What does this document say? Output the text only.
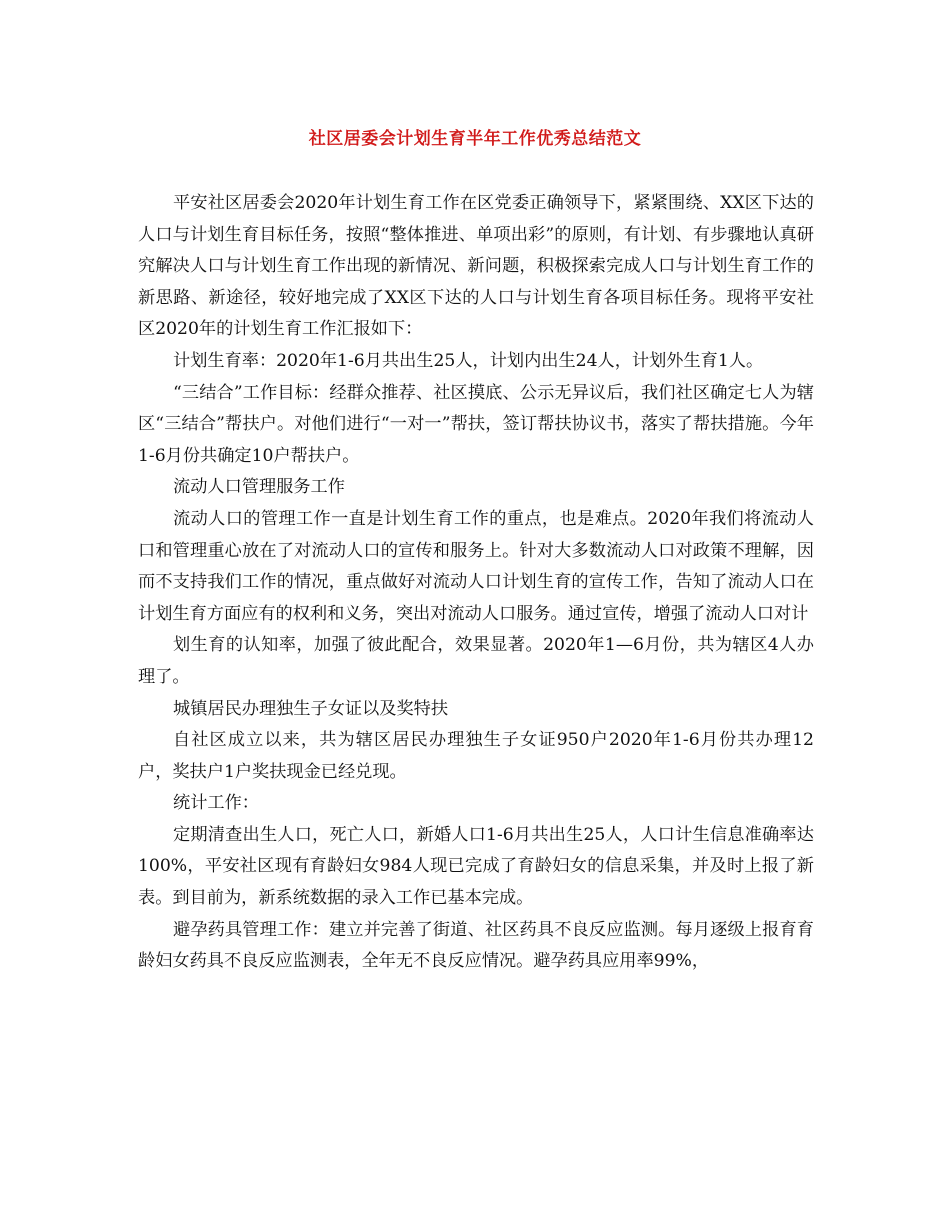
社区居委会计划生育半年工作优秀总结范文

平安社区居委会2020年计划生育工作在区党委正确领导下，紧紧围绕、XX区下达的人口与计划生育目标任务，按照“整体推进、单项出彩”的原则，有计划、有步骤地认真研究解决人口与计划生育工作出现的新情况、新问题，积极探索完成人口与计划生育工作的新思路、新途径，较好地完成了XX区下达的人口与计划生育各项目标任务。现将平安社区2020年的计划生育工作汇报如下：

计划生育率：2020年1-6月共出生25人，计划内出生24人，计划外生育1人。

“三结合”工作目标：经群众推荐、社区摸底、公示无异议后，我们社区确定七人为辖区“三结合”帮扶户。对他们进行“一对一”帮扶，签订帮扶协议书，落实了帮扶措施。今年1-6月份共确定10户帮扶户。

流动人口管理服务工作

流动人口的管理工作一直是计划生育工作的重点，也是难点。2020年我们将流动人口和管理重心放在了对流动人口的宣传和服务上。针对大多数流动人口对政策不理解，因而不支持我们工作的情况，重点做好对流动人口计划生育的宣传工作，告知了流动人口在计划生育方面应有的权利和义务，突出对流动人口服务。通过宣传，增强了流动人口对计

划生育的认知率，加强了彼此配合，效果显著。2020年1—6月份，共为辖区4人办理了。

城镇居民办理独生子女证以及奖特扶

自社区成立以来，共为辖区居民办理独生子女证950户2020年1-6月份共办理12户，奖扶户1户奖扶现金已经兑现。

统计工作：

定期清查出生人口，死亡人口，新婚人口1-6月共出生25人，人口计生信息准确率达100%，平安社区现有育龄妇女984人现已完成了育龄妇女的信息采集，并及时上报了新表。到目前为，新系统数据的录入工作已基本完成。

避孕药具管理工作：建立并完善了街道、社区药具不良反应监测。每月逐级上报育育龄妇女药具不良反应监测表，全年无不良反应情况。避孕药具应用率99%，
